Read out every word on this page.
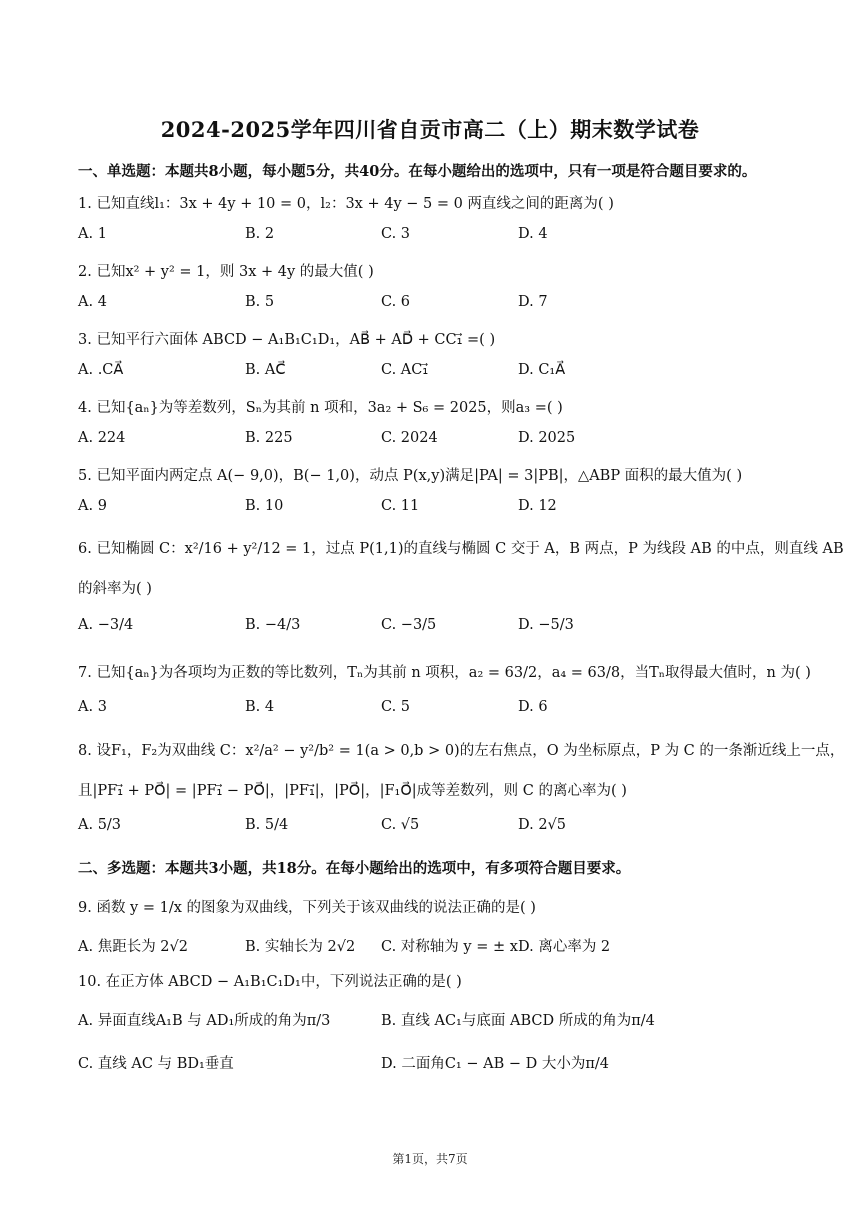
2024-2025学年四川省自贡市高二（上）期末数学试卷
一、单选题：本题共8小题，每小题5分，共40分。在每小题给出的选项中，只有一项是符合题目要求的。
1. 已知直线l₁：3x + 4y + 10 = 0，l₂：3x + 4y − 5 = 0 两直线之间的距离为( )
A. 1	B. 2	C. 3	D. 4
2. 已知x² + y² = 1，则 3x + 4y 的最大值( )
A. 4	B. 5	C. 6	D. 7
3. 已知平行六面体 ABCD − A₁B₁C₁D₁，AB⃗ + AD⃗ + CC₁⃗ =( )
A. .CA⃗	B. AC⃗	C. AC₁⃗	D. C₁A⃗
4. 已知{aₙ}为等差数列，Sₙ为其前 n 项和，3a₂ + S₆ = 2025，则a₃ =( )
A. 224	B. 225	C. 2024	D. 2025
5. 已知平面内两定点 A(− 9,0)，B(− 1,0)，动点 P(x,y)满足|PA| = 3|PB|，△ABP 面积的最大值为( )
A. 9	B. 10	C. 11	D. 12
6. 已知椭圆 C：x²/16 + y²/12 = 1，过点 P(1,1)的直线与椭圆 C 交于 A，B 两点，P 为线段 AB 的中点，则直线 AB
的斜率为( )
A. −3/4	B. −4/3	C. −3/5	D. −5/3
7. 已知{aₙ}为各项均为正数的等比数列，Tₙ为其前 n 项积，a₂ = 63/2，a₄ = 63/8，当Tₙ取得最大值时，n 为( )
A. 3	B. 4	C. 5	D. 6
8. 设F₁，F₂为双曲线 C：x²/a² − y²/b² = 1(a > 0,b > 0)的左右焦点，O 为坐标原点，P 为 C 的一条渐近线上一点，
且|PF₁⃗ + PO⃗| = |PF₁⃗ − PO⃗|，|PF₁⃗|，|PO⃗|，|F₁O⃗|成等差数列，则 C 的离心率为( )
A. 5/3	B. 5/4	C. √5	D. 2√5
二、多选题：本题共3小题，共18分。在每小题给出的选项中，有多项符合题目要求。
9. 函数 y = 1/x 的图象为双曲线，下列关于该双曲线的说法正确的是( )
A. 焦距长为 2√2	B. 实轴长为 2√2 C. 对称轴为 y = ± x D. 离心率为 2
10. 在正方体 ABCD − A₁B₁C₁D₁中，下列说法正确的是( )
A. 异面直线A₁B 与 AD₁所成的角为π/3	B. 直线 AC₁与底面 ABCD 所成的角为π/4
C. 直线 AC 与 BD₁垂直	D. 二面角C₁ − AB − D 大小为π/4
第1页，共7页
